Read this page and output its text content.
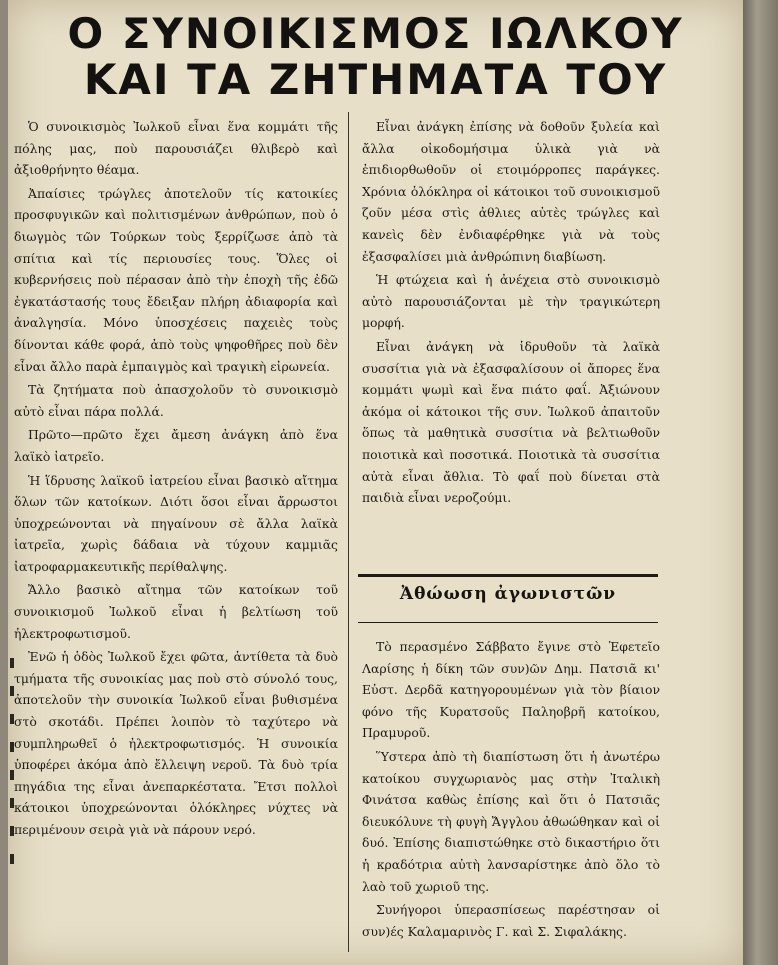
Ο ΣΥΝΟΙΚΙΣΜΟΣ ΙΩΛΚΟΥ
ΚΑΙ ΤΑ ΖΗΤΗΜΑΤΑ ΤΟΥ

Ὁ συνοικισμὸς Ἰωλκοῦ εἶναι ἕνα κομμάτι τῆς πόλης μας, ποὺ παρουσιάζει θλιβερὸ καὶ ἀξιοθρήνητο θέαμα.

Ἀπαίσιες τρώγλες ἀποτελοῦν τίς κατοικίες προσφυγικῶν καὶ πολιτισμένων ἀνθρώπων, ποὺ ὁ διωγμὸς τῶν Τούρκων τοὺς ξερρίζωσε ἀπὸ τὰ σπίτια καὶ τίς περιουσίες τους. Ὅλες οἱ κυβερνήσεις ποὺ πέρασαν ἀπὸ τὴν ἐποχὴ τῆς ἐδῶ ἐγκατάστασής τους ἔδειξαν πλήρη ἀδιαφορία καὶ ἀναλγησία. Μόνο ὑποσχέσεις παχειὲς τοὺς δίνονται κάθε φορά, ἀπὸ τοὺς ψηφοθῆρες ποὺ δὲν εἶναι ἄλλο παρὰ ἐμπαιγμὸς καὶ τραγικὴ εἰρωνεία.

Τὰ ζητήματα ποὺ ἀπασχολοῦν τὸ συνοικισμὸ αὐτὸ εἶναι πάρα πολλά.

Πρῶτο—πρῶτο ἔχει ἄμεση ἀνάγκη ἀπὸ ἕνα λαϊκὸ ἰατρεῖο.

Ἡ ἵδρυσης λαϊκοῦ ἰατρείου εἶναι βασικὸ αἴτημα ὅλων τῶν κατοίκων. Διότι ὅσοι εἶναι ἄρρωστοι ὑποχρεώνονται νὰ πηγαίνουν σὲ ἄλλα λαϊκὰ ἰατρεῖα, χωρὶς δάδαια νὰ τύχουν καμμιᾶς ἰατροφαρμακευτικῆς περίθαλψης.

Ἄλλο βασικὸ αἴτημα τῶν κατοίκων τοῦ συνοικισμοῦ Ἰωλκοῦ εἶναι ἡ βελτίωση τοῦ ἠλεκτροφωτισμοῦ.

Ἐνῶ ἡ ὁδὸς Ἰωλκοῦ ἔχει φῶτα, ἀντίθετα τὰ δυὸ τμήματα τῆς συνοικίας μας ποὺ στὸ σύνολό τους, ἀποτελοῦν τὴν συνοικία Ἰωλκοῦ εἶναι βυθισμένα στὸ σκοτάδι. Πρέπει λοιπὸν τὸ ταχύτερο νὰ συμπληρωθεῖ ὁ ἠλεκτροφωτισμός. Ἡ συνοικία ὑποφέρει ἀκόμα ἀπὸ ἔλλειψη νεροῦ. Τὰ δυὸ τρία πηγάδια της εἶναι ἀνεπαρκέστατα. Ἔτσι πολλοὶ κάτοικοι ὑποχρεώνονται ὁλόκληρες νύχτες νὰ περιμένουν σειρὰ γιὰ νὰ πάρουν νερό.

Εἶναι ἀνάγκη ἐπίσης νὰ δοθοῦν ξυλεία καὶ ἄλλα οἰκοδομήσιμα ὑλικὰ γιὰ νὰ ἐπιδιορθωθοῦν οἱ ετοιμόρροπες παράγκες. Χρόνια ὁλόκληρα οἱ κάτοικοι τοῦ συνοικισμοῦ ζοῦν μέσα στὶς ἀθλιες αὐτὲς τρώγλες καὶ κανεὶς δὲν ἐνδιαφέρθηκε γιὰ νὰ τοὺς ἐξασφαλίσει μιὰ ἀνθρώπινη διαβίωση.

Ἡ φτώχεια καὶ ἡ ἀνέχεια στὸ συνοικισμὸ αὐτὸ παρουσιάζονται μὲ τὴν τραγικώτερη μορφή.

Εἶναι ἀνάγκη νὰ ἱδρυθοῦν τὰ λαϊκὰ συσσίτια γιὰ νὰ ἐξασφαλίσουν οἱ ἄπορες ἕνα κομμάτι ψωμὶ καὶ ἕνα πιάτο φαΐ. Ἀξιώνουν ἀκόμα οἱ κάτοικοι τῆς συν. Ἰωλκοῦ ἀπαιτοῦν ὅπως τὰ μαθητικὰ συσσίτια νὰ βελτιωθοῦν ποιοτικὰ καὶ ποσοτικά. Ποιοτικὰ τὰ συσσίτια αὐτὰ εἶναι ἄθλια. Τὸ φαΐ ποὺ δίνεται στὰ παιδιὰ εἶναι νεροζούμι.

Ἀθώωση ἀγωνιστῶν

Τὸ περασμένο Σάββατο ἔγινε στὸ Ἐφετεῖο Λαρίσης ἡ δίκη τῶν συν)ῶν Δημ. Πατσιᾶ κι' Εὐστ. Δερδᾶ κατηγορουμένων γιὰ τὸν βίαιον φόνο τῆς Κυρατσοῦς Παληοβρῆ κατοίκου, Πραμυροῦ.

Ὕστερα ἀπὸ τὴ διαπίστωση ὅτι ἡ ἀνωτέρω κατοίκου συγχωριανὸς μας στὴν Ἰταλικὴ Φινάτσα καθὼς ἐπίσης καὶ ὅτι ὁ Πατσιᾶς διευκόλυνε τὴ φυγὴ Ἄγγλου ἀθωώθηκαν καὶ οἱ δυό. Ἐπίσης διαπιστώθηκε στὸ δικαστήριο ὅτι ἡ κραδότρια αὐτὴ λανσαρίστηκε ἀπὸ ὅλο τὸ λαὸ τοῦ χωριοῦ της.

Συνήγοροι ὑπερασπίσεως παρέστησαν οἱ συν)ές Καλαμαρινὸς Γ. καὶ Σ. Σιφαλάκης.
